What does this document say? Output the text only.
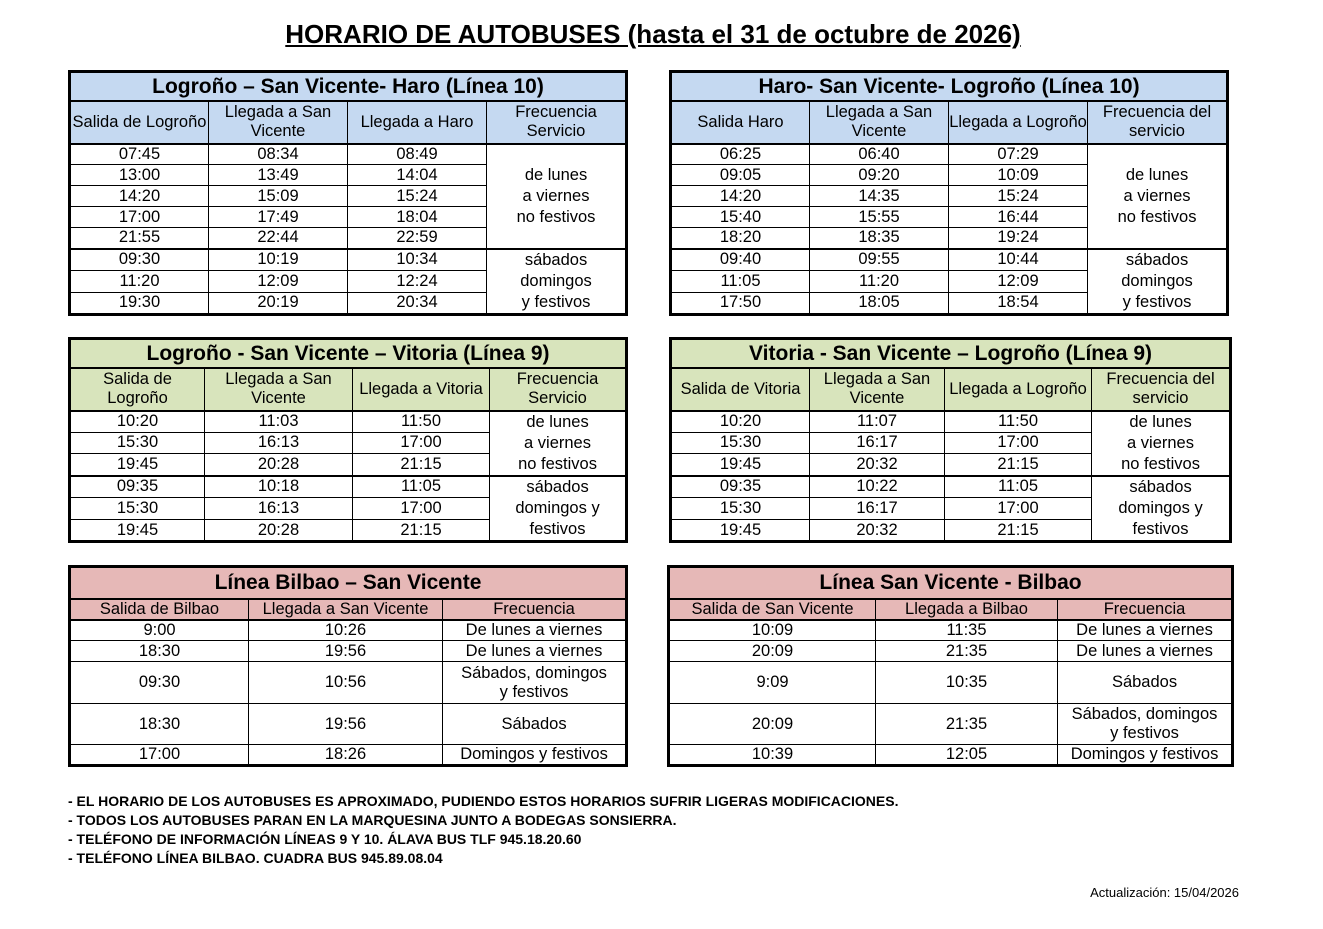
HORARIO DE AUTOBUSES (hasta el 31 de octubre de 2026)
Logroño – San Vicente- Haro (Línea 10)			
Salida de Logroño	Llegada a San Vicente	Llegada a Haro	Frecuencia Servicio
07:45	08:34	08:49	de lunes
a viernes
no festivos
13:00	13:49	14:04	
14:20	15:09	15:24	
17:00	17:49	18:04	
21:55	22:44	22:59	
09:30	10:19	10:34	sábados
domingos
y festivos
11:20	12:09	12:24	
19:30	20:19	20:34	
Haro- San Vicente- Logroño (Línea 10)			
Salida Haro	Llegada a San Vicente	Llegada a Logroño	Frecuencia del servicio
06:25	06:40	07:29	de lunes
a viernes
no festivos
09:05	09:20	10:09	
14:20	14:35	15:24	
15:40	15:55	16:44	
18:20	18:35	19:24	
09:40	09:55	10:44	sábados
domingos
y festivos
11:05	11:20	12:09	
17:50	18:05	18:54	
Logroño - San Vicente – Vitoria (Línea 9)			
Salida de Logroño	Llegada a San Vicente	Llegada a Vitoria	Frecuencia Servicio
10:20	11:03	11:50	de lunes
a viernes
no festivos
15:30	16:13	17:00	
19:45	20:28	21:15	
09:35	10:18	11:05	sábados
domingos y
festivos
15:30	16:13	17:00	
19:45	20:28	21:15	
Vitoria - San Vicente – Logroño (Línea 9)			
Salida de Vitoria	Llegada a San Vicente	Llegada a Logroño	Frecuencia del servicio
10:20	11:07	11:50	de lunes
a viernes
no festivos
15:30	16:17	17:00	
19:45	20:32	21:15	
09:35	10:22	11:05	sábados
domingos y
festivos
15:30	16:17	17:00	
19:45	20:32	21:15	
Línea Bilbao – San Vicente		
Salida de Bilbao	Llegada a San Vicente	Frecuencia
9:00	10:26	De lunes a viernes
18:30	19:56	De lunes a viernes
09:30	10:56	Sábados, domingos
y festivos
18:30	19:56	Sábados
17:00	18:26	Domingos y festivos
Línea San Vicente - Bilbao		
Salida de San Vicente	Llegada a Bilbao	Frecuencia
10:09	11:35	De lunes a viernes
20:09	21:35	De lunes a viernes
9:09	10:35	Sábados
20:09	21:35	Sábados, domingos
y festivos
10:39	12:05	Domingos y festivos
- EL HORARIO DE LOS AUTOBUSES ES APROXIMADO, PUDIENDO ESTOS HORARIOS SUFRIR LIGERAS MODIFICACIONES.
- TODOS LOS AUTOBUSES PARAN EN LA MARQUESINA JUNTO A BODEGAS SONSIERRA.
- TELÉFONO DE INFORMACIÓN LÍNEAS 9 Y 10. ÁLAVA BUS TLF 945.18.20.60
- TELÉFONO LÍNEA BILBAO. CUADRA BUS 945.89.08.04
Actualización: 15/04/2026
